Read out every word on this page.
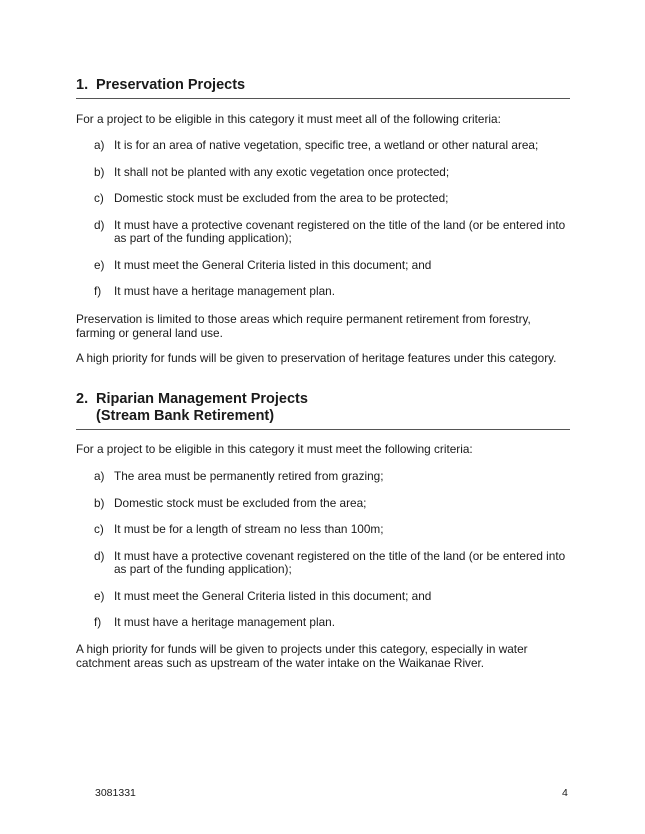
1. Preservation Projects

For a project to be eligible in this category it must meet all of the following criteria:

a) It is for an area of native vegetation, specific tree, a wetland or other natural area;
b) It shall not be planted with any exotic vegetation once protected;
c) Domestic stock must be excluded from the area to be protected;
d) It must have a protective covenant registered on the title of the land (or be entered into as part of the funding application);
e) It must meet the General Criteria listed in this document; and
f) It must have a heritage management plan.

Preservation is limited to those areas which require permanent retirement from forestry, farming or general land use.

A high priority for funds will be given to preservation of heritage features under this category.

2. Riparian Management Projects
(Stream Bank Retirement)

For a project to be eligible in this category it must meet the following criteria:

a) The area must be permanently retired from grazing;
b) Domestic stock must be excluded from the area;
c) It must be for a length of stream no less than 100m;
d) It must have a protective covenant registered on the title of the land (or be entered into as part of the funding application);
e) It must meet the General Criteria listed in this document; and
f) It must have a heritage management plan.

A high priority for funds will be given to projects under this category, especially in water catchment areas such as upstream of the water intake on the Waikanae River.

3081331	4
